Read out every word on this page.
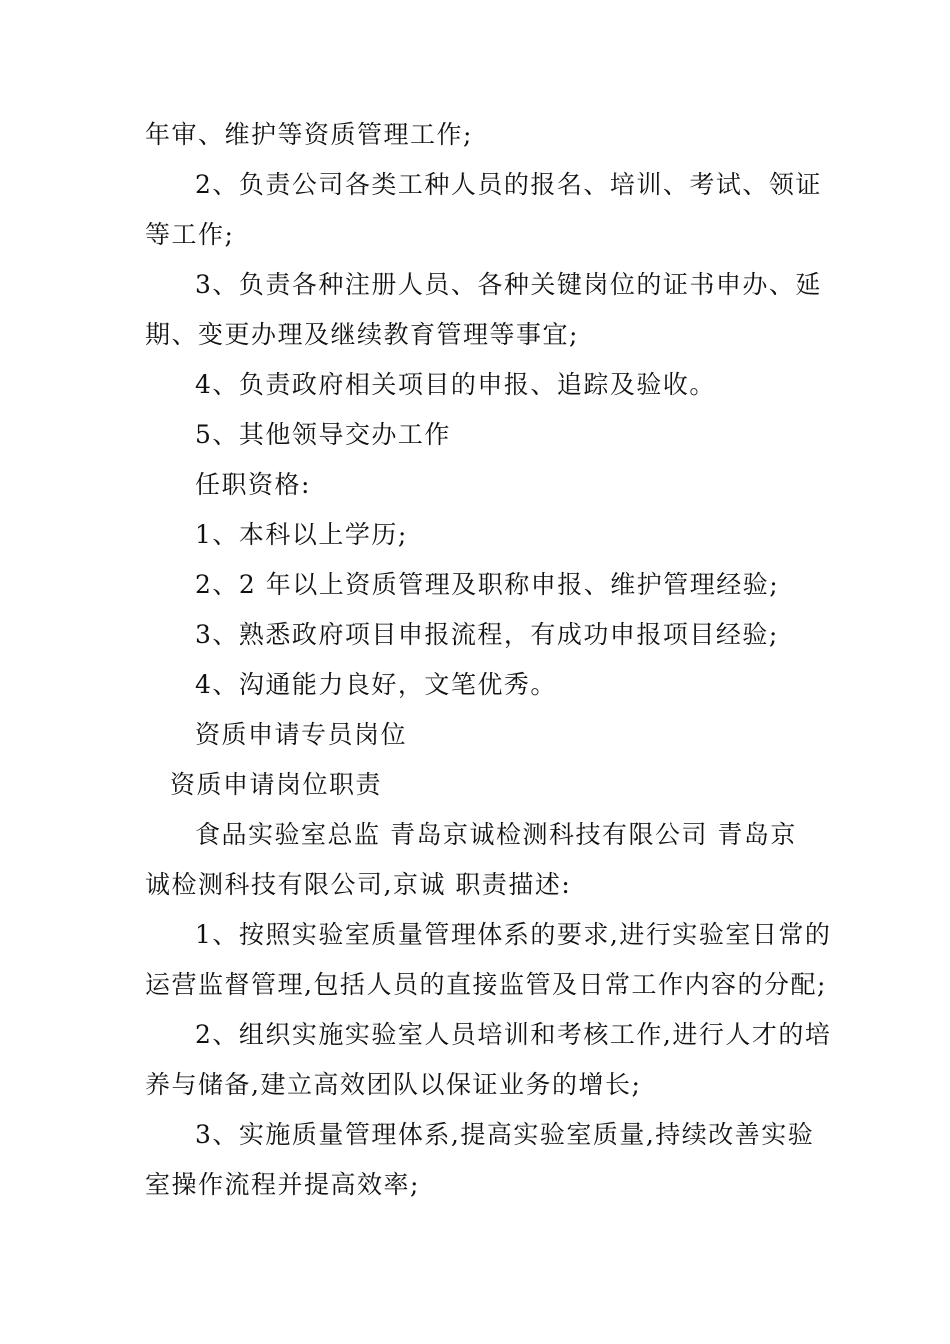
年审、维护等资质管理工作;
2、负责公司各类工种人员的报名、培训、考试、领证
等工作;
3、负责各种注册人员、各种关键岗位的证书申办、延
期、变更办理及继续教育管理等事宜;
4、负责政府相关项目的申报、追踪及验收。
5、其他领导交办工作
任职资格:
1、本科以上学历;
2、2 年以上资质管理及职称申报、维护管理经验;
3、熟悉政府项目申报流程，有成功申报项目经验;
4、沟通能力良好，文笔优秀。
资质申请专员岗位
资质申请岗位职责
食品实验室总监 青岛京诚检测科技有限公司 青岛京
诚检测科技有限公司,京诚 职责描述:
1、按照实验室质量管理体系的要求,进行实验室日常的
运营监督管理,包括人员的直接监管及日常工作内容的分配;
2、组织实施实验室人员培训和考核工作,进行人才的培
养与储备,建立高效团队以保证业务的增长;
3、实施质量管理体系,提高实验室质量,持续改善实验
室操作流程并提高效率;
